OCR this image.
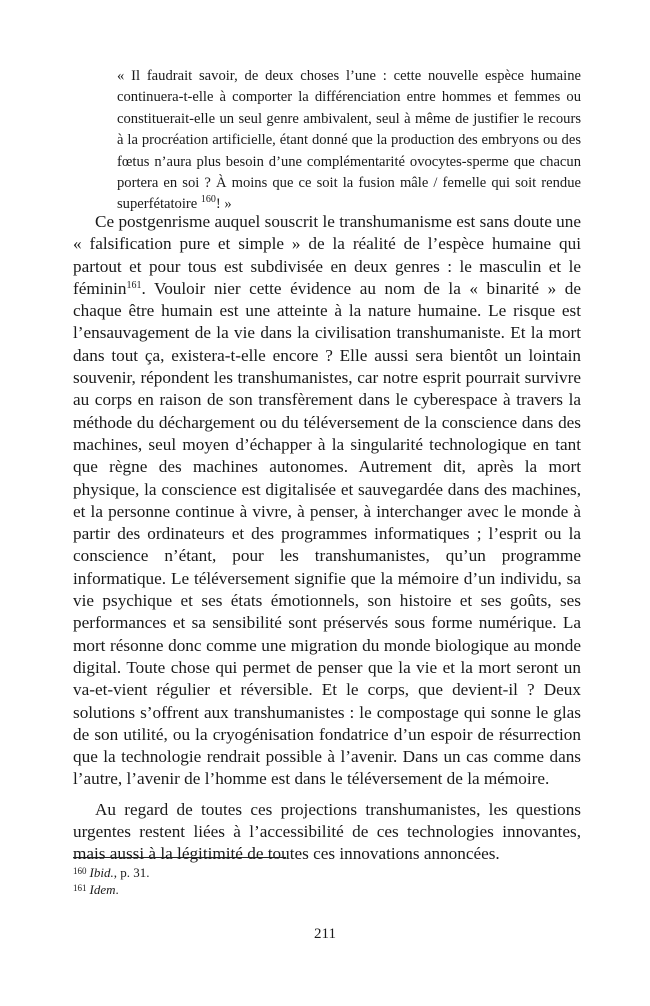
« Il faudrait savoir, de deux choses l’une : cette nouvelle espèce humaine continuera-t-elle à comporter la différenciation entre hommes et femmes ou constituerait-elle un seul genre ambivalent, seul à même de justifier le recours à la procréation artificielle, étant donné que la production des embryons ou des fœtus n’aura plus besoin d’une complémentarité ovocytes-sperme que chacun portera en soi ? À moins que ce soit la fusion mâle / femelle qui soit rendue superfétatoire $^{160}$! »

Ce postgenrisme auquel souscrit le transhumanisme est sans doute une « falsification pure et simple » de la réalité de l’espèce humaine qui partout et pour tous est subdivisée en deux genres : le masculin et le féminin$^{161}$. Vouloir nier cette évidence au nom de la « binarité » de chaque être humain est une atteinte à la nature humaine. Le risque est l’ensauvagement de la vie dans la civilisation transhumaniste. Et la mort dans tout ça, existera-t-elle encore ? Elle aussi sera bientôt un lointain souvenir, répondent les transhumanistes, car notre esprit pourrait survivre au corps en raison de son transfèrement dans le cyberespace à travers la méthode du déchargement ou du téléversement de la conscience dans des machines, seul moyen d’échapper à la singularité technologique en tant que règne des machines autonomes. Autrement dit, après la mort physique, la conscience est digitalisée et sauvegardée dans des machines, et la personne continue à vivre, à penser, à interchanger avec le monde à partir des ordinateurs et des programmes informatiques ; l’esprit ou la conscience n’étant, pour les transhumanistes, qu’un programme informatique. Le téléversement signifie que la mémoire d’un individu, sa vie psychique et ses états émotionnels, son histoire et ses goûts, ses performances et sa sensibilité sont préservés sous forme numérique. La mort résonne donc comme une migration du monde biologique au monde digital. Toute chose qui permet de penser que la vie et la mort seront un va-et-vient régulier et réversible. Et le corps, que devient-il ? Deux solutions s’offrent aux transhumanistes : le compostage qui sonne le glas de son utilité, ou la cryogénisation fondatrice d’un espoir de résurrection que la technologie rendrait possible à l’avenir. Dans un cas comme dans l’autre, l’avenir de l’homme est dans le téléversement de la mémoire.

Au regard de toutes ces projections transhumanistes, les questions urgentes restent liées à l’accessibilité de ces technologies innovantes, mais aussi à la légitimité de toutes ces innovations annoncées.

$^{160}$ Ibid., p. 31.

$^{161}$ Idem.

211
